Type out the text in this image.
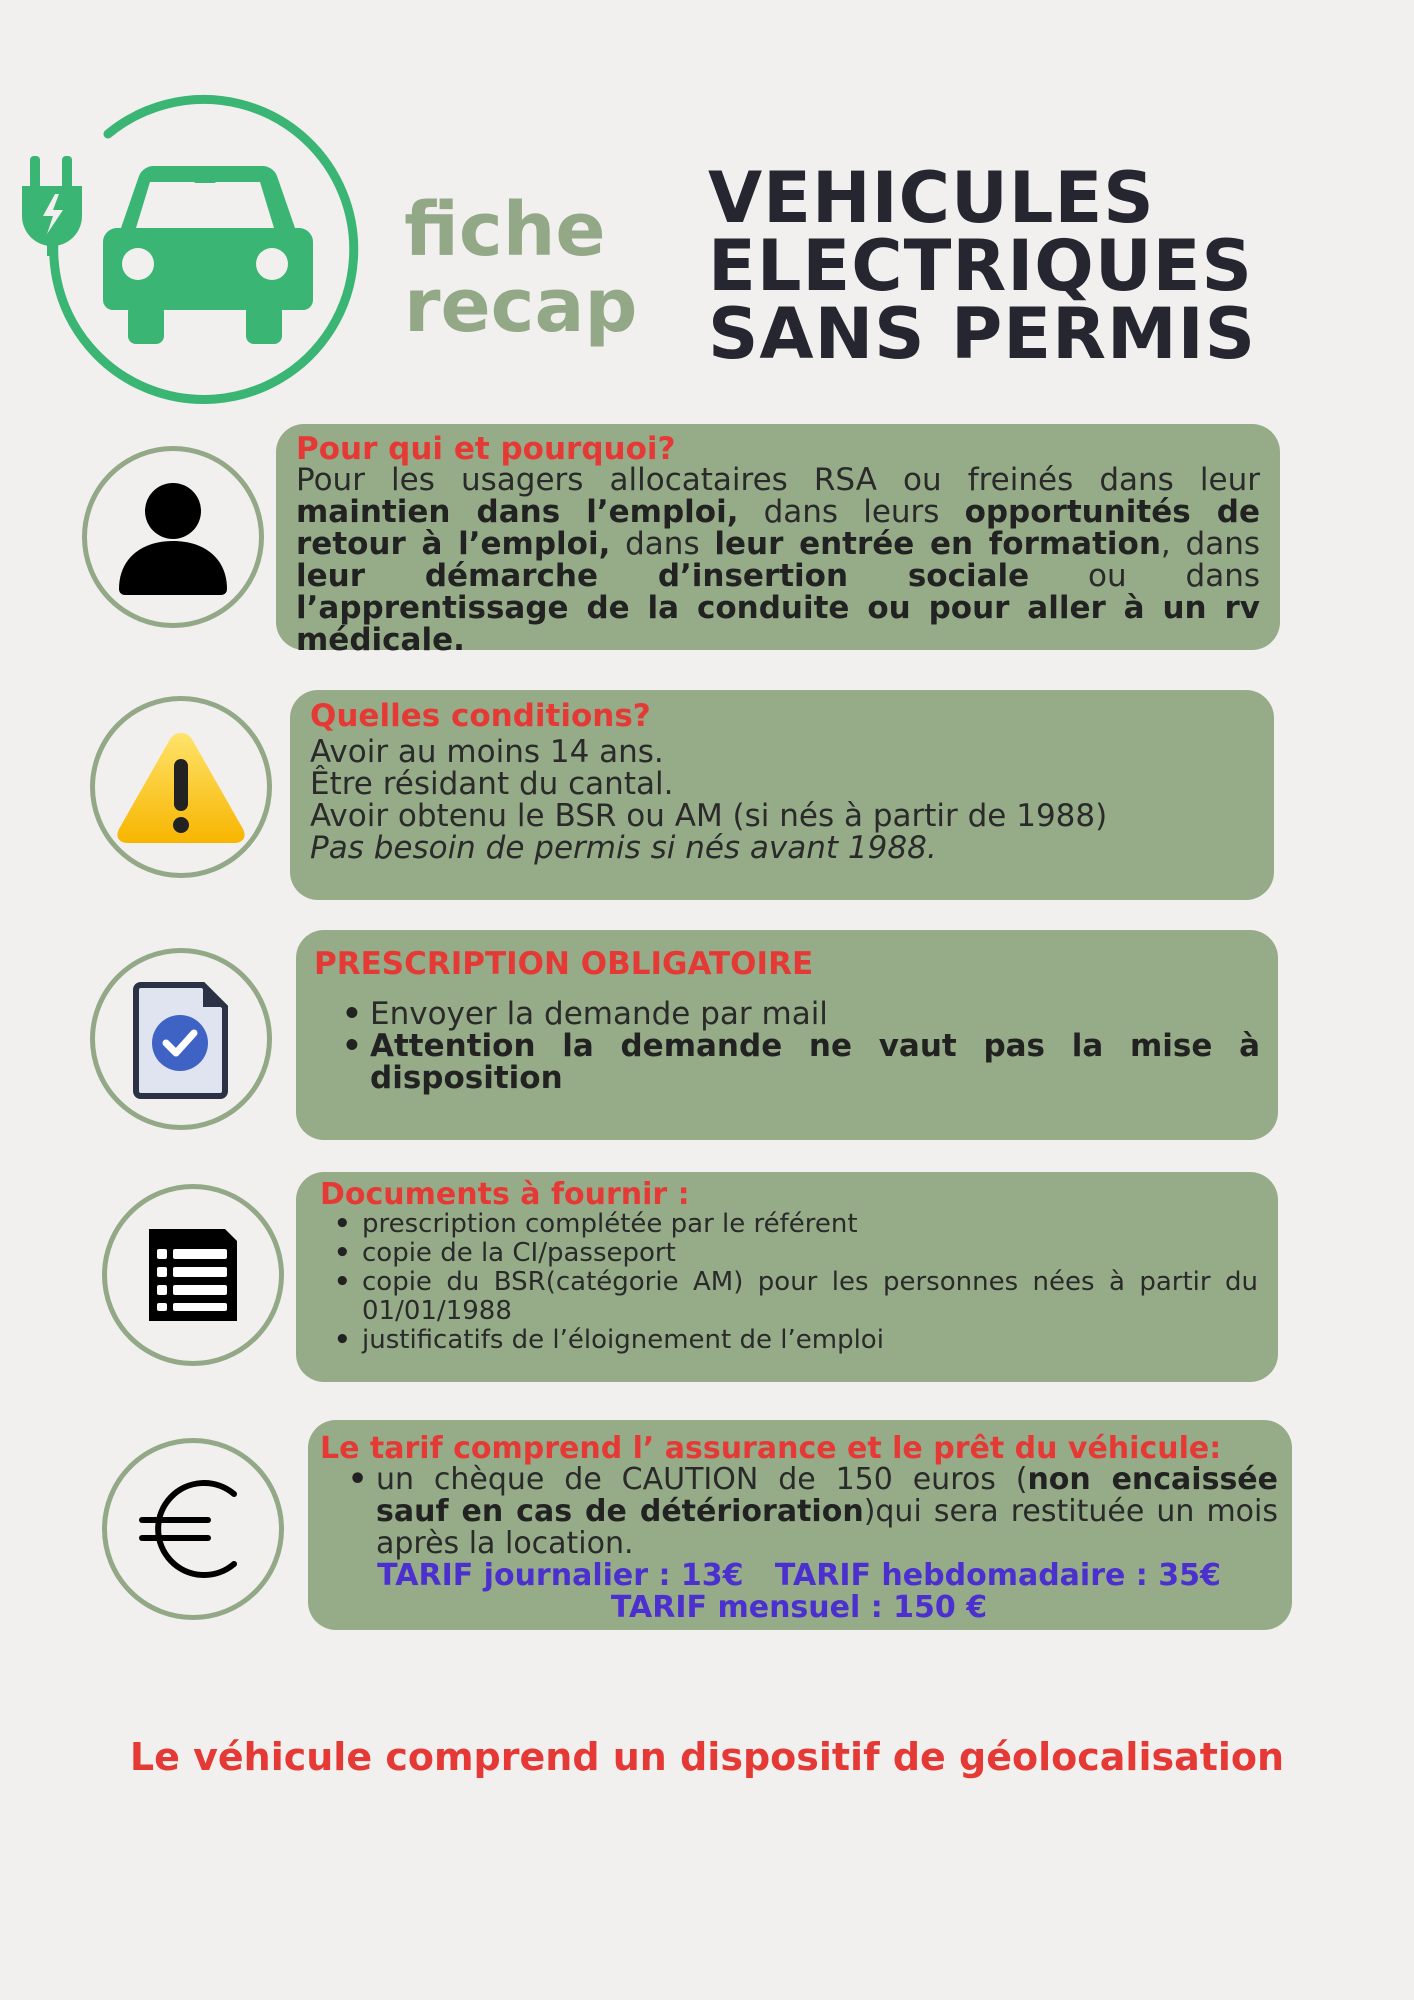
fiche
recap
VEHICULES
ELECTRIQUES
SANS PERMIS
Pour qui et pourquoi?
Pour les usagers allocataires RSA ou freinés dans leur maintien dans l’emploi, dans leurs opportunités de retour à l’emploi, dans leur entrée en formation, dans leur démarche d’insertion sociale ou dans l’apprentissage de la conduite ou pour aller à un rv médicale.
Quelles conditions?
Avoir au moins 14 ans.
Être résidant du cantal.
Avoir obtenu le BSR ou AM (si nés à partir de 1988)
Pas besoin de permis si nés avant 1988.
PRESCRIPTION OBLIGATOIRE
• Envoyer la demande par mail
• Attention la demande ne vaut pas la mise à disposition
Documents à fournir :
• prescription complétée par le référent
• copie de la CI/passeport
• copie du BSR(catégorie AM) pour les personnes nées à partir du 01/01/1988
• justificatifs de l’éloignement de l’emploi
Le tarif comprend l’ assurance et le prêt du véhicule:
• un chèque de CAUTION de 150 euros (non encaissée sauf en cas de détérioration)qui sera restituée un mois après la location.
TARIF journalier : 13€   TARIF hebdomadaire : 35€
TARIF mensuel : 150 €
Le véhicule comprend un dispositif de géolocalisation
